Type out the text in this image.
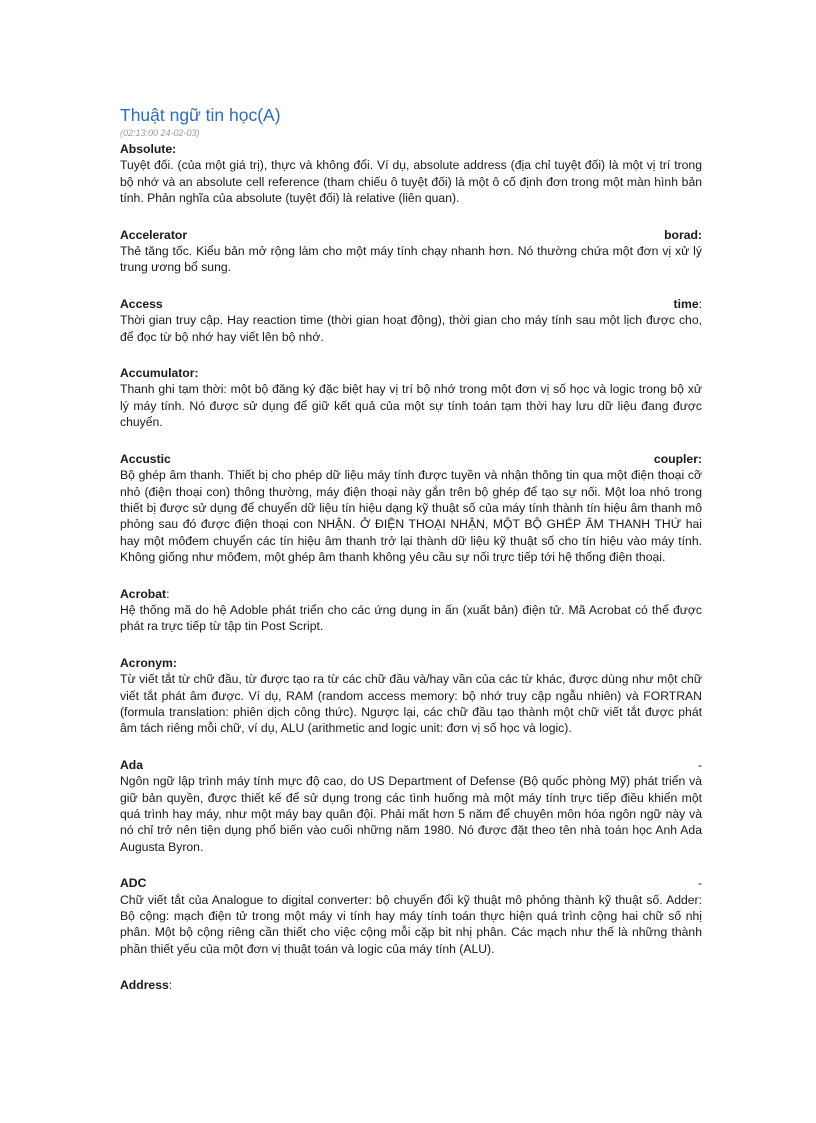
Thuật ngữ tin học(A)
(02:13:00 24-02-03)
Absolute:
Tuyệt đối. (của một giá trị), thực và không đổi. Ví dụ, absolute address (địa chỉ tuyệt đối) là một vị trí trong bộ nhớ và an absolute cell reference (tham chiếu ô tuyệt đối) là một ô cố định đơn trong một màn hình bản tính. Phản nghĩa của absolute (tuyệt đối) là relative (liên quan).
Accelerator	borad:
Thẻ tăng tốc. Kiểu bản mở rộng làm cho một máy tính chạy nhanh hơn. Nó thường chứa một đơn vị xử lý trung ương bổ sung.
Access	time:
Thời gian truy cập. Hay reaction time (thời gian hoạt động), thời gian cho máy tính sau một lịch được cho, để đọc từ bộ nhớ hay viết lên bộ nhớ.
Accumulator:
Thanh ghi tạm thời: một bộ đăng ký đặc biệt hay vị trí bộ nhớ trong một đơn vị số học và logic trong bộ xử lý máy tính. Nó được sử dụng để giữ kết quả của một sự tính toán tạm thời hay lưu dữ liệu đang được chuyển.
Accustic	coupler:
Bộ ghép âm thanh. Thiết bị cho phép dữ liệu máy tính được tuyền và nhận thông tin qua một điện thoại cỡ nhỏ (điện thoại con) thông thường, máy điện thoại này gắn trên bộ ghép để tạo sự nối. Một loa nhỏ trong thiết bị được sử dụng để chuyển dữ liệu tín hiệu dạng kỹ thuật số của máy tính thành tín hiệu âm thanh mô phỏng sau đó được điện thoại con NHẬN. Ở ĐIỆN THOẠI NHẬN, MỘT BỘ GHÉP ÂM THANH THỨ hai hay một môđem chuyển các tín hiệu âm thanh trở lại thành dữ liệu kỹ thuật số cho tín hiệu vào máy tính. Không giống như môđem, một ghép âm thanh không yêu cầu sự nối trực tiếp tới hệ thống điện thoại.
Acrobat:
Hệ thống mã do hệ Adoble phát triển cho các ứng dụng in ấn (xuất bản) điện tử. Mã Acrobat có thể được phát ra trực tiếp từ tập tin Post Script.
Acronym:
Từ viết tắt từ chữ đầu, từ được tạo ra từ các chữ đầu và/hay vần của các từ khác, được dùng như một chữ viết tắt phát âm được. Ví dụ, RAM (random access memory: bộ nhớ truy cập ngẫu nhiên) và FORTRAN (formula translation: phiên dịch công thức). Ngược lại, các chữ đầu tạo thành một chữ viết tắt được phát âm tách riêng mỗi chữ, ví dụ, ALU (arithmetic and logic unit: đơn vị số học và logic).
Ada	-
Ngôn ngữ lập trình máy tính mực độ cao, do US Department of Defense (Bộ quốc phòng Mỹ) phát triển và giữ bản quyền, được thiết kế để sử dụng trong các tình huống mà một máy tính trực tiếp điều khiển một quá trình hay máy, như một máy bay quân đội. Phải mất hơn 5 năm để chuyên môn hóa ngôn ngữ này và nó chỉ trở nên tiện dụng phổ biến vào cuối những năm 1980. Nó được đặt theo tên nhà toán học Anh Ada Augusta Byron.
ADC	-
Chữ viết tắt của Analogue to digital converter: bộ chuyển đổi kỹ thuật mô phỏng thành kỹ thuật số. Adder: Bộ cộng: mạch điện tử trong một máy vi tính hay máy tính toán thực hiện quá trình cộng hai chữ số nhị phân. Một bộ cộng riêng cần thiết cho việc cộng mỗi cặp bit nhị phân. Các mạch như thế là những thành phần thiết yếu của một đơn vị thuật toán và logic của máy tính (ALU).
Address:
